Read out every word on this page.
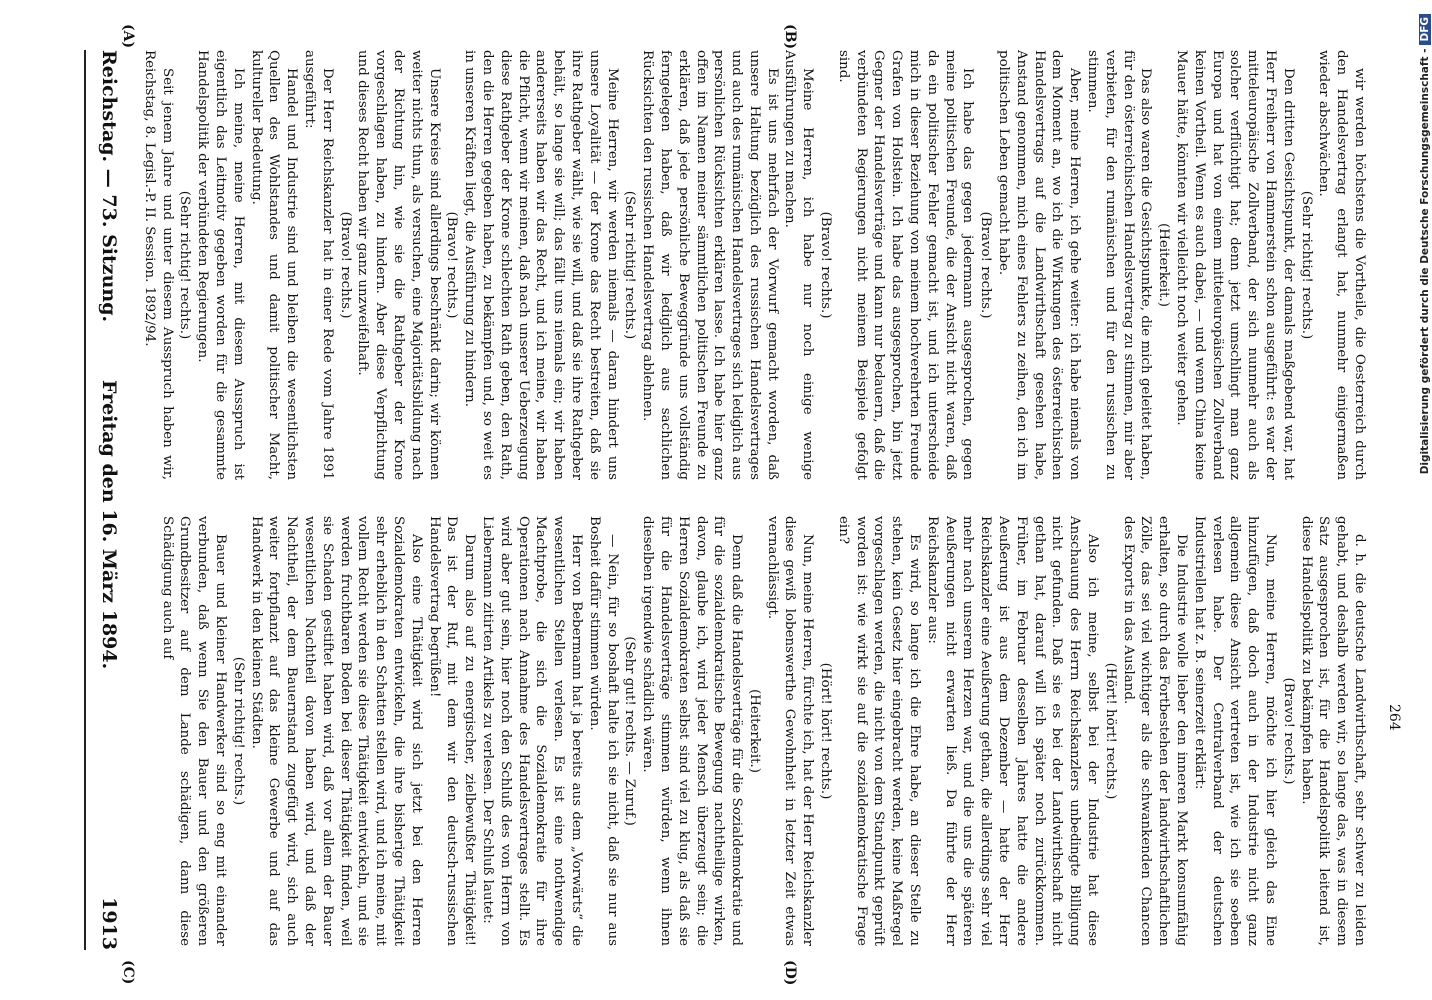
Reichstag. — 73. Sitzung.
Freitag den 16. März 1894.
1913
(A)	(B)
(C)	(D)

wir werden höchstens die Vortheile, die Oesterreich durch den Handelsvertrag erlangt hat, nunmehr einigermaßen wieder abschwächen.

(Sehr richtig! rechts.)

Den dritten Gesichtspunkt, der damals maßgebend war, hat Herr Freiherr von Hammerstein schon ausgeführt: es war der mitteleuropäische Zollverband, der sich nunmehr auch als solcher verflüchtigt hat; denn jetzt umschlingt man ganz Europa und hat von einem mitteleuropäischen Zollverband keinen Vortheil. Wenn es auch dabei, — und wenn China keine Mauer hätte, könnten wir vielleicht noch weiter gehen.

(Heiterkeit.)

Das also waren die Gesichtspunkte, die mich geleitet haben, für den österreichischen Handelsvertrag zu stimmen, mir aber verbieten, für den rumänischen und für den russischen zu stimmen.

Aber, meine Herren, ich gehe weiter: ich habe niemals von dem Moment an, wo ich die Wirkungen des österreichischen Handelsvertrags auf die Landwirthschaft gesehen habe, Anstand genommen, mich eines Fehlers zu zeihen, den ich im politischen Leben gemacht habe.

(Bravo! rechts.)

Ich habe das gegen jedermann ausgesprochen, gegen meine politischen Freunde, die der Ansicht nicht waren, daß da ein politischer Fehler gemacht ist, und ich unterscheide mich in dieser Beziehung von meinem hochverehrten Freunde Grafen von Holstein. Ich habe das ausgesprochen, bin jetzt Gegner der Handelsverträge und kann nur bedauern, daß die verbündeten Regierungen nicht meinem Beispiele gefolgt sind.

(Bravo! rechts.)

Meine Herren, ich habe nur noch einige wenige Ausführungen zu machen.

Es ist uns mehrfach der Vorwurf gemacht worden, daß unsere Haltung bezüglich des russischen Handelsvertrages und auch des rumänischen Handelsvertrages sich lediglich aus persönlichen Rücksichten erklären lasse. Ich habe hier ganz offen im Namen meiner sämmtlichen politischen Freunde zu erklären, daß jede persönliche Beweggründe uns vollständig ferngelegen haben, daß wir lediglich aus sachlichen Rücksichten den russischen Handelsvertrag ablehnen.

(Sehr richtig! rechts.)

Meine Herren, wir werden niemals — daran hindert uns unsere Loyalität — der Krone das Recht bestreiten, daß sie ihre Rathgeber wählt, wie sie will, und daß sie ihre Rathgeber behält, so lange sie will; das fällt uns niemals ein; wir haben andererseits haben wir das Recht, und ich meine, wir haben die Pflicht, wenn wir meinen, daß nach unserer Ueberzeugung diese Rathgeber der Krone schlechten Rath geben, den Rath, den die Herren gegeben haben, zu bekämpfen und, so weit es in unseren Kräften liegt, die Ausführung zu hindern.

(Bravo! rechts.)

Unsere Kreise sind allerdings beschränkt darin; wir können weiter nichts thun, als versuchen, eine Majoritätsbildung nach der Richtung hin, wie sie die Rathgeber der Krone vorgeschlagen haben, zu hindern. Aber diese Verpflichtung und dieses Recht haben wir ganz unzweifelhaft.

(Bravo! rechts.)

Der Herr Reichskanzler hat in einer Rede vom Jahre 1891 ausgeführt:

Handel und Industrie sind und bleiben die wesentlichsten Quellen des Wohlstandes und damit politischer Macht, kultureller Bedeutung.

Ich meine, meine Herren, mit diesem Ausspruch ist eigentlich das Leitmotiv gegeben worden für die gesammte Handelspolitik der verbündeten Regierungen.

(Sehr richtig! rechts.)

Seit jenem Jahre und unter diesem Ausspruch haben wir, Reichstag, 8. Legisl.-P. II. Session. 1892/94.

d. h. die deutsche Landwirthschaft, sehr schwer zu leiden gehabt, und deshalb werden wir, so lange das, was in diesem Satz ausgesprochen ist, für die Handelspolitik leitend ist, diese Handelspolitik zu bekämpfen haben.

(Bravo! rechts.)

Nun, meine Herren, möchte ich hier gleich das Eine hinzufügen, daß doch auch in der Industrie nicht ganz allgemein diese Ansicht vertreten ist, wie ich sie soeben verlesen habe. Der Centralverband der deutschen Industriellen hat z. B. seinerzeit erklärt:

Die Industrie wolle lieber den inneren Markt konsumfähig erhalten, so durch das Fortbestehen der landwirthschaftlichen Zölle, das sei viel wichtiger als die schwankenden Chancen des Exports in das Ausland.

(Hört! hört! rechts.)

Also ich meine, selbst bei der Industrie hat diese Anschauung des Herrn Reichskanzlers unbedingte Billigung nicht gefunden. Daß sie es bei der Landwirthschaft nicht gethan hat, darauf will ich später noch zurückkommen. Früher, im Februar desselben Jahres hatte die andere Aeußerung ist aus dem Dezember — hatte der Herr Reichskanzler eine Aeußerung gethan, die allerdings sehr viel mehr nach unserem Herzen war, und die uns die späteren Aeußerungen nicht erwarten ließ. Da führte der Herr Reichskanzler aus:

Es wird, so lange ich die Ehre habe, an dieser Stelle zu stehen, kein Gesetz hier eingebracht werden, keine Maßregel vorgeschlagen werden, die nicht von dem Standpunkt geprüft worden ist: wie wirkt sie auf die sozialdemokratische Frage ein?

(Hört! hört! rechts.)

Nun, meine Herren, fürchte ich, hat der Herr Reichskanzler diese gewiß lobenswerthe Gewohnheit in letzter Zeit etwas vernachlässigt.

(Heiterkeit.)

Denn daß die Handelsverträge für die Sozialdemokratie und für die sozialdemokratische Bewegung nachtheilige wirken, davon, glaube ich, wird jeder Mensch überzeugt sein; die Herren Sozialdemokraten selbst sind viel zu klug, als daß sie für die Handelsverträge stimmen würden, wenn ihnen dieselben irgendwie schädlich wären.

(Sehr gut! rechts. — Zuruf.)

— Nein, für so boshaft halte ich sie nicht, daß sie nur aus Bosheit dafür stimmen würden.

Herr von Bebermann hat ja bereits aus dem „Vorwärts“ die wesentlichen Stellen verlesen. Es ist eine nothwendige Machtprobe, die sich die Sozialdemokratie für ihre Operationen nach Annahme des Handelsvertrages stellt. Es wird aber gut sein, hier noch den Schluß des von Herrn von Liebermann zitirten Artikels zu verlesen. Der Schluß lautet:

Darum also auf zu energischer, zielbewußter Thätigkeit! Das ist der Ruf, mit dem wir den deutsch-russischen Handelsvertrag begrüßen!

Also eine Thätigkeit wird sich jetzt bei den Herren Sozialdemokraten entwickeln, die ihre bisherige Thätigkeit sehr erheblich in den Schatten stellen wird, und ich meine, mit vollem Recht werden sie diese Thätigkeit entwickeln, und sie werden fruchtbaren Boden bei dieser Thätigkeit finden, weil sie Schaden gestiftet haben wird, daß vor allem der Bauer wesentlichen Nachtheil davon haben wird, und daß der Nachtheil, der dem Bauernstand zugefügt wird, sich auch weiter fortpflanzt auf das kleine Gewerbe und auf das Handwerk in den kleinen Städten.

(Sehr richtig! rechts.)

Bauer und kleiner Handwerker sind so eng mit einander verbunden, daß wenn Sie den Bauer und den größeren Grundbesitzer auf dem Lande schädigen, dann diese Schädigung auch auf

264
Digitalisierung gefördert durch die Deutsche Forschungsgemeinschaft -DFG
